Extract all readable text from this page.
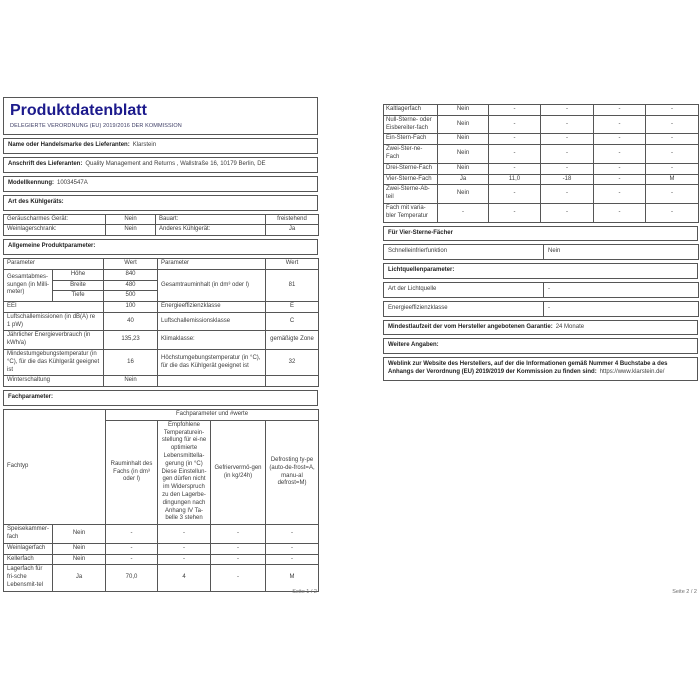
Produktdatenblatt
DELEGIERTE VERORDNUNG (EU) 2019/2016 DER KOMMISSION
Name oder Handelsmarke des Lieferanten: Klarstein
Anschrift des Lieferanten: Quality Management and Returns , Wallstraße 16, 10179 Berlin, DE
Modellkennung: 10034547A
Art des Kühlgeräts:
Geräuscharmes Gerät:	Nein	Bauart:	freistehend
Weinlagerschrank:	Nein	Anderes Kühlgerät:	Ja
Allgemeine Produktparameter:
Parameter		Wert	Parameter	Wert
Gesamtabmes-sungen (in Milli-meter)	Höhe	840	Gesamtrauminhalt (in dm³ oder l)	81
	Breite	480		
	Tiefe	500		
EEI		100	Energieeffizienzklasse	E
Luftschallemissionen (in dB(A) re 1 pW)		40	Luftschallemissionsklasse	C
Jährlicher Energieverbrauch (in kWh/a)		135,23	Klimaklasse:	gemäßigte Zone
Mindestumgebungstemperatur (in °C), für die das Kühlgerät geeignet ist		16	Höchstumgebungstemperatur (in °C), für die das Kühlgerät geeignet ist	32
Winterschaltung		Nein		
Fachparameter:
Fachtyp		Fachparameter und #werte			
		Rauminhalt des Fachs (in dm³ oder l)	Empfohlene Temperaturein-stellung für ei-ne optimierte Lebensmittella-gerung (in °C) Diese Einstellun-gen dürfen nicht im Widerspruch zu den Lagerbe-dingungen nach Anhang IV Ta-belle 3 stehen	Gefriervermö-gen (in kg/24h)	Defrosting ty-pe (auto-de-frost=A, manu-al defrost=M)
Speisekammer-fach	Nein	-	-	-	-
Weinlagerfach	Nein	-	-	-	-
Kellerfach	Nein	-	-	-	-
Lagerfach für fri-sche Lebensmit-tel	Ja	70,0	4	-	M
Seite 1 / 2
Kaltlagerfach	Nein	-	-	-	-
Null-Sterne- oder Eisbereiter-fach	Nein	-	-	-	-
Ein-Stern-Fach	Nein	-	-	-	-
Zwei-Ster-ne-Fach	Nein	-	-	-	-
Drei-Sterne-Fach	Nein	-	-	-	-
Vier-Sterne-Fach	Ja	11,0	-18	-	M
Zwei-Sterne-Ab-teil	Nein	-	-	-	-
Fach mit varia-bler Temperatur	-	-	-	-	-
Für Vier-Sterne-Fächer
Schnelleinfrierfunktion	Nein
Lichtquellenparameter:
Art der Lichtquelle	-
Energieeffizienzklasse	-
Mindestlaufzeit der vom Hersteller angebotenen Garantie: 24 Monate
Weitere Angaben:
Weblink zur Website des Herstellers, auf der die Informationen gemäß Nummer 4 Buchstabe a des Anhangs der Verordnung (EU) 2019/2019 der Kommission zu finden sind: https://www.klarstein.de/
Seite 2 / 2
